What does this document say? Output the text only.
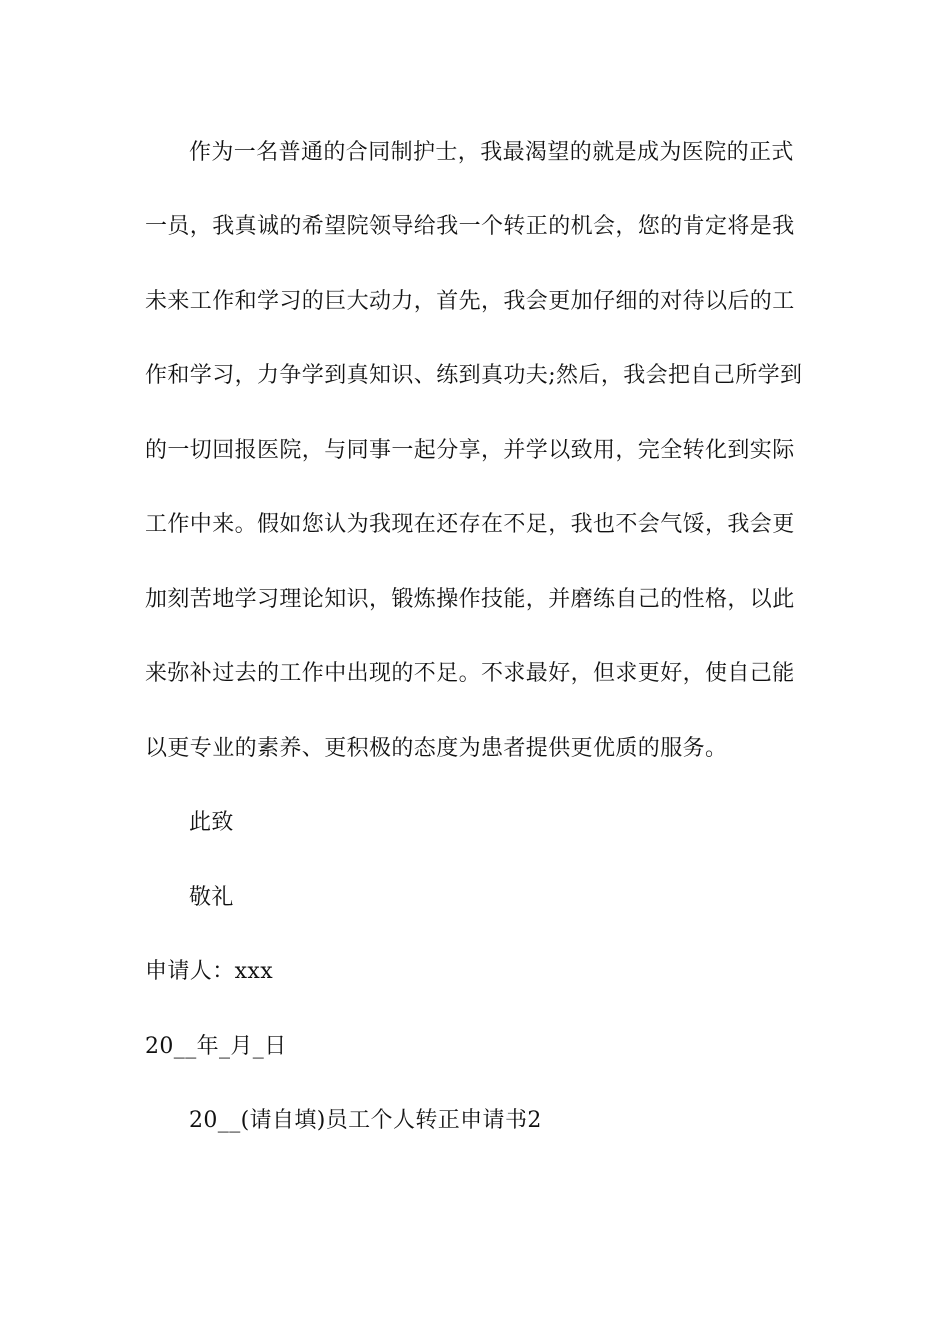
作为一名普通的合同制护士，我最渴望的就是成为医院的正式
一员，我真诚的希望院领导给我一个转正的机会，您的肯定将是我
未来工作和学习的巨大动力，首先，我会更加仔细的对待以后的工
作和学习，力争学到真知识、练到真功夫;然后，我会把自己所学到
的一切回报医院，与同事一起分享，并学以致用，完全转化到实际
工作中来。假如您认为我现在还存在不足，我也不会气馁，我会更
加刻苦地学习理论知识，锻炼操作技能，并磨练自己的性格，以此
来弥补过去的工作中出现的不足。不求最好，但求更好，使自己能
以更专业的素养、更积极的态度为患者提供更优质的服务。
此致
敬礼
申请人：xxx
20__年_月_日
20__(请自填)员工个人转正申请书2
